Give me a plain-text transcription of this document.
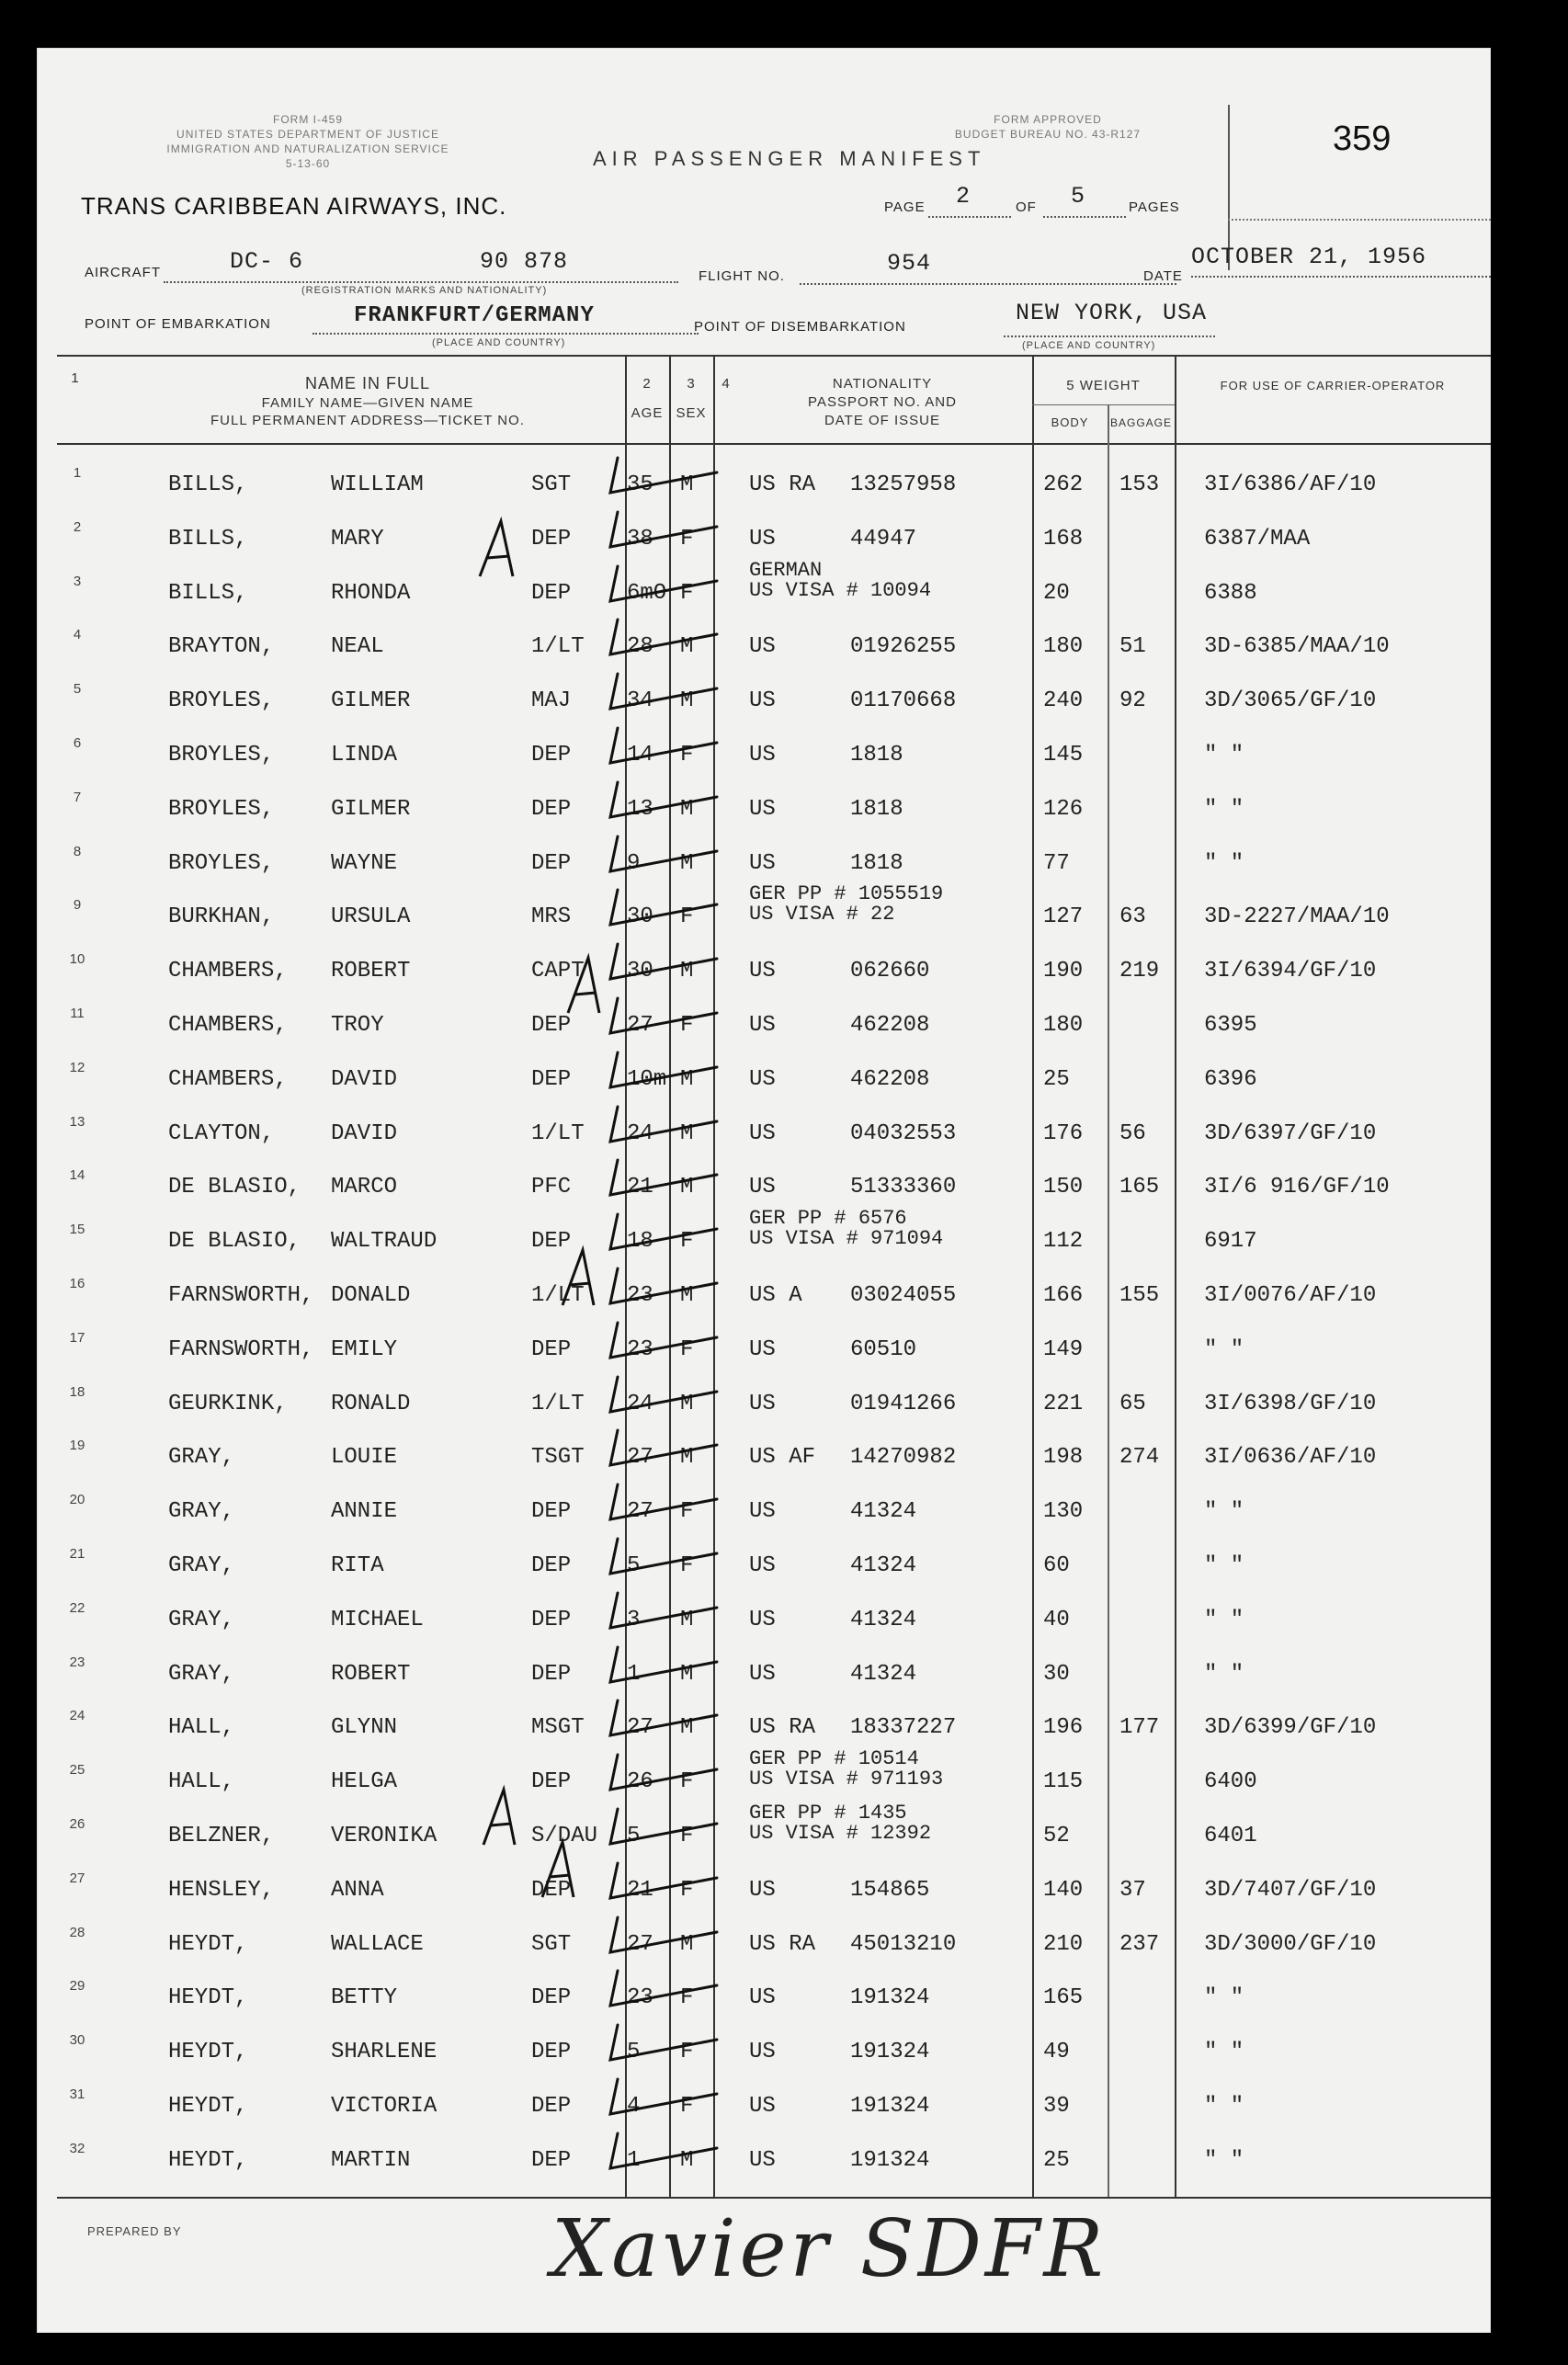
FORM I-459
UNITED STATES DEPARTMENT OF JUSTICE
IMMIGRATION AND NATURALIZATION SERVICE
5-13-60
FORM APPROVED
BUDGET BUREAU NO. 43-R127
AIR PASSENGER MANIFEST
359
TRANS CARIBBEAN AIRWAYS, INC.	PAGE 2	OF 5	PAGES
AIRCRAFT	DC- 6	90 878
(REGISTRATION MARKS AND NATIONALITY)
FLIGHT NO.	954	DATE
OCTOBER 21, 1956
POINT OF EMBARKATION	FRANKFURT/GERMANY
(PLACE AND COUNTRY)
POINT OF DISEMBARKATION
NEW YORK, USA
(PLACE AND COUNTRY)
1	NAME IN FULL
FAMILY NAME—GIVEN NAME
FULL PERMANENT ADDRESS—TICKET NO.
2
AGE
3
SEX
4	NATIONALITY
PASSPORT NO. AND
DATE OF ISSUE
5 WEIGHT
BODY	BAGGAGE
FOR USE OF CARRIER-OPERATOR
1	BILLS,	WILLIAM	SGT	35 M	US RA 13257958	262 153 3I/6386/AF/10
2	BILLS,	MARY	DEP	38 F	US	44947	168	6387/MAA
3	BILLS,	RHONDA	DEP	6mO F
GERMAN
US VISA # 10094	20	6388
4	BRAYTON,	NEAL	1/LT 28 M	US	01926255	180 51	3D-6385/MAA/10
5	BROYLES,	GILMER	MAJ	34 M	US	01170668	240 92	3D/3065/GF/10
6	BROYLES,	LINDA	DEP	14 F	US	1818	145	" "
7	BROYLES,	GILMER	DEP	13 M	US	1818	126	" "
8	BROYLES,	WAYNE	DEP	9 M	US	1818	77	" "
9	BURKHAN,	URSULA	MRS	30 F
GER PP # 1055519
US VISA # 22	127 63	3D-2227/MAA/10
10	CHAMBERS, ROBERT	CAPT 30 M	US	062660	190 219 3I/6394/GF/10
11	CHAMBERS, TROY	DEP	27 F	US	462208	180	6395
12	CHAMBERS, DAVID	DEP	10m M	US	462208	25	6396
13	CLAYTON,	DAVID	1/LT 24 M	US	04032553	176 56	3D/6397/GF/10
14	DE BLASIO, MARCO	PFC	21 M	US	51333360	150 165 3I/6 916/GF/10
15	DE BLASIO, WALTRAUD	DEP	18 F
GER PP # 6576
US VISA # 971094	112	6917
16	FARNSWORTH, DONALD	1/LT 23 M	US A 03024055	166 155 3I/0076/AF/10
17	FARNSWORTH, EMILY	DEP	23 F	US	60510	149	" "
18	GEURKINK, RONALD	1/LT 24 M	US	01941266	221 65	3I/6398/GF/10
19	GRAY,	LOUIE	TSGT 27 M	US AF 14270982	198 274 3I/0636/AF/10
20	GRAY,	ANNIE	DEP	27 F	US	41324	130	" "
21	GRAY,	RITA	DEP	5 F	US	41324	60	" "
22	GRAY,	MICHAEL	DEP	3 M	US	41324	40	" "
23	GRAY,	ROBERT	DEP	1 M	US	41324	30	" "
24	HALL,	GLYNN	MSGT 27 M	US RA 18337227	196 177 3D/6399/GF/10
25	HALL,	HELGA	DEP	26 F
GER PP # 10514
US VISA # 971193	115	6400
26	BELZNER,	VERONIKA	S/DAU 5 F
GER PP # 1435
US VISA # 12392	52	6401
27	HENSLEY,	ANNA	DEP	21 F	US	154865	140 37	3D/7407/GF/10
28	HEYDT,	WALLACE	SGT	27 M	US RA 45013210	210 237 3D/3000/GF/10
29	HEYDT,	BETTY	DEP	23 F	US	191324	165	" "
30	HEYDT,	SHARLENE	DEP	5 F	US	191324	49	" "
31	HEYDT,	VICTORIA	DEP	4 F	US	191324	39	" "
32	HEYDT,	MARTIN	DEP	1 M	US	191324	25	" "
PREPARED BY	Xavier SDFR
